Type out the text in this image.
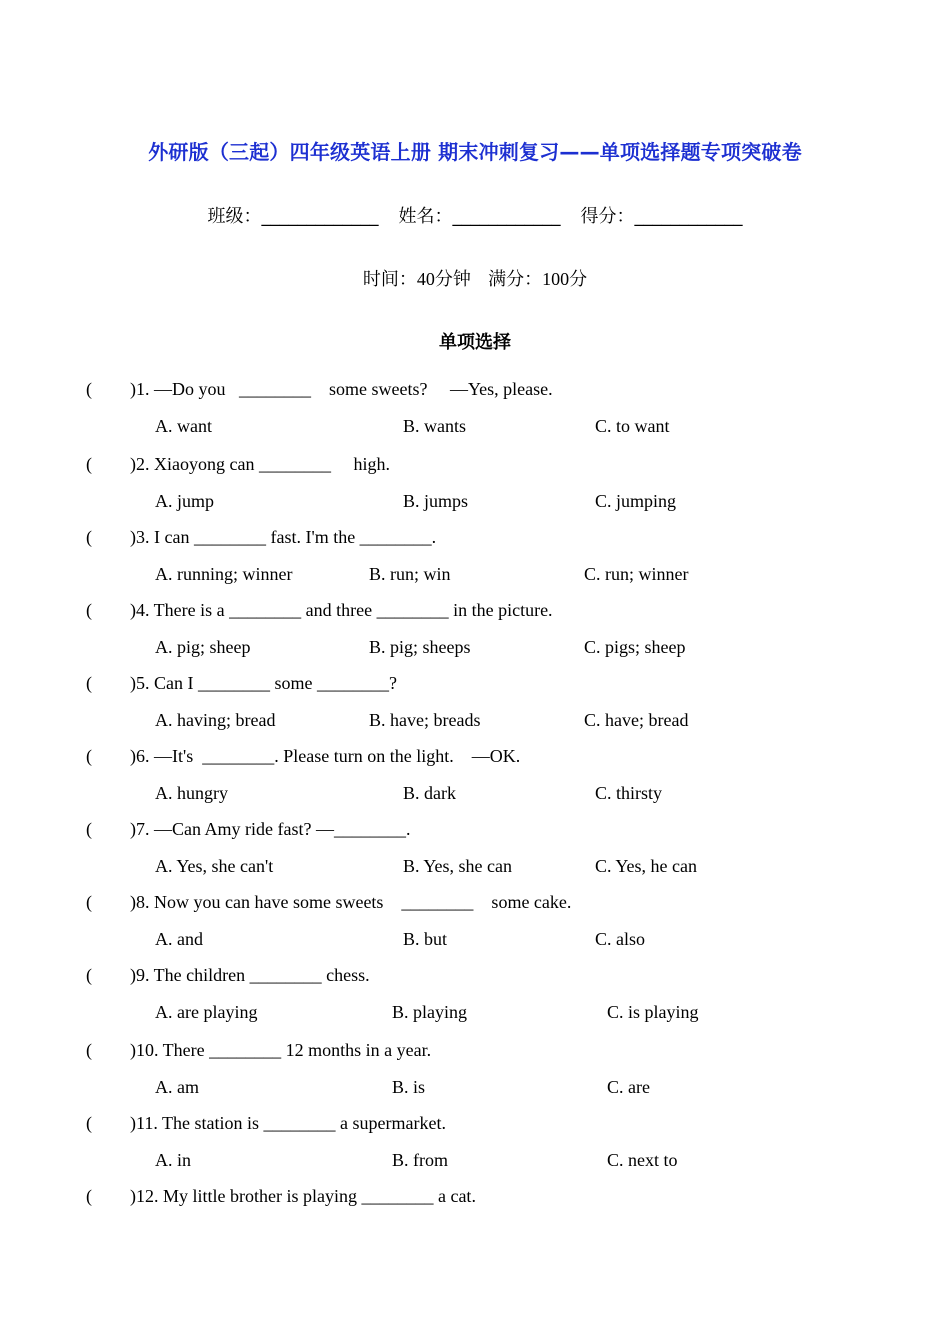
外研版（三起）四年级英语上册 期末冲刺复习——单项选择题专项突破卷
班级：_____________ 姓名：____________ 得分：____________
时间：40分钟 满分：100分
单项选择
( )1. —Do you   ________    some sweets?     —Yes, please.
A. want	B. wants	C. to want
( )2. Xiaoyong can ________     high.
A. jump	B. jumps	C. jumping
( )3. I can ________ fast. I'm the ________.
A. running; winner	B. run; win	C. run; winner
( )4. There is a ________ and three ________ in the picture.
A. pig; sheep	B. pig; sheeps	C. pigs; sheep
( )5. Can I ________ some ________?
A. having; bread	B. have; breads	C. have; bread
( )6. —It's  ________. Please turn on the light.    —OK.
A. hungry	B. dark	C. thirsty
( )7. —Can Amy ride fast? —________.
A. Yes, she can't	B. Yes, she can	C. Yes, he can
( )8. Now you can have some sweets    ________    some cake.
A. and	B. but	C. also
( )9. The children ________ chess.
A. are playing	B. playing	C. is playing
( )10. There ________ 12 months in a year.
A. am	B. is	C. are
( )11. The station is ________ a supermarket.
A. in	B. from	C. next to
( )12. My little brother is playing ________ a cat.
